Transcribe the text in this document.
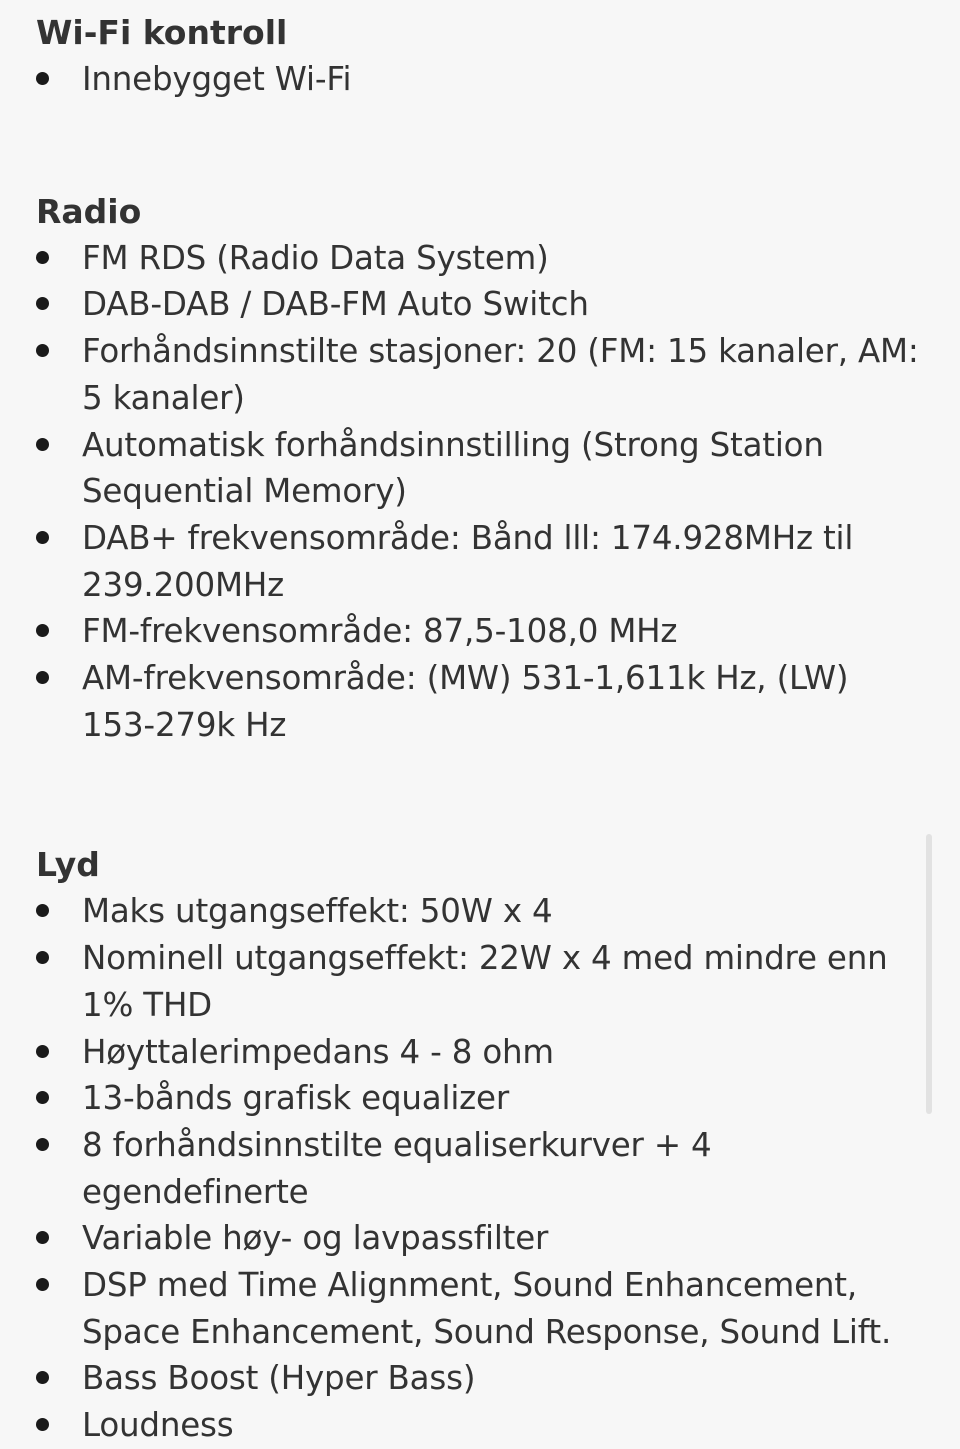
Wi-Fi kontroll
Innebygget Wi-Fi
Radio
FM RDS (Radio Data System)
DAB-DAB / DAB-FM Auto Switch
Forhåndsinnstilte stasjoner: 20 (FM: 15 kanaler, AM: 5 kanaler)
Automatisk forhåndsinnstilling (Strong Station Sequential Memory)
DAB+ frekvensområde: Bånd lll: 174.928MHz til 239.200MHz
FM-frekvensområde: 87,5-108,0 MHz
AM-frekvensområde: (MW) 531-1,611k Hz, (LW) 153-279k Hz
Lyd
Maks utgangseffekt: 50W x 4
Nominell utgangseffekt: 22W x 4 med mindre enn 1% THD
Høyttalerimpedans 4 - 8 ohm
13-bånds grafisk equalizer
8 forhåndsinnstilte equaliserkurver + 4 egendefinerte
Variable høy- og lavpassfilter
DSP med Time Alignment, Sound Enhancement, Space Enhancement, Sound Response, Sound Lift.
Bass Boost (Hyper Bass)
Loudness
